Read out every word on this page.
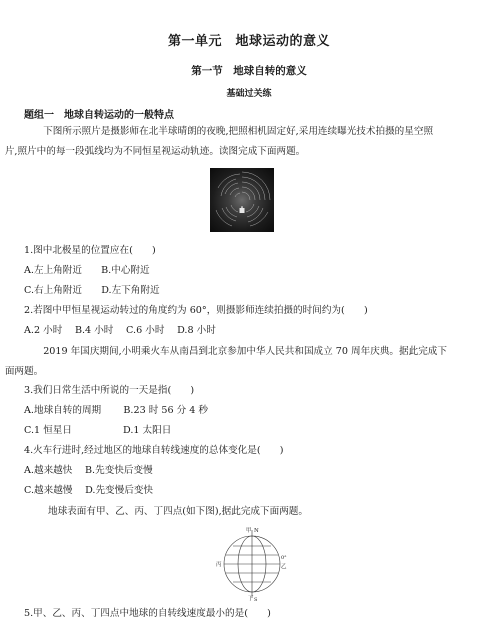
第一单元　地球运动的意义
第一节　地球自转的意义
基础过关练
题组一　地球自转运动的一般特点
下图所示照片是摄影师在北半球晴朗的夜晚,把照相机固定好,采用连续曝光技术拍摄的星空照
片,照片中的每一段弧线均为不同恒星视运动轨迹。读图完成下面两题。
1.图中北极星的位置应在(　　)
A.左上角附近　　B.中心附近
C.右上角附近　　D.左下角附近
2.若图中甲恒星视运动转过的角度约为 60°，则摄影师连续拍摄的时间约为(　　)
A.2 小时　 B.4 小时　 C.6 小时　 D.8 小时
2019 年国庆期间,小明乘火车从南昌到北京参加中华人民共和国成立 70 周年庆典。据此完成下
面两题。
3.我们日常生活中所说的一天是指(　　)
A.地球自转的周期　　 B.23 时 56 分 4 秒
C.1 恒星日　　　　　 D.1 太阳日
4.火车行进时,经过地区的地球自转线速度的总体变化是(　　)
A.越来越快　 B.先变快后变慢
C.越来越慢　 D.先变慢后变快
地球表面有甲、乙、丙、丁四点(如下图),据此完成下面两题。
甲 N
丙
0°
乙
丁 S
5.甲、乙、丙、丁四点中地球的自转线速度最小的是(　　)
